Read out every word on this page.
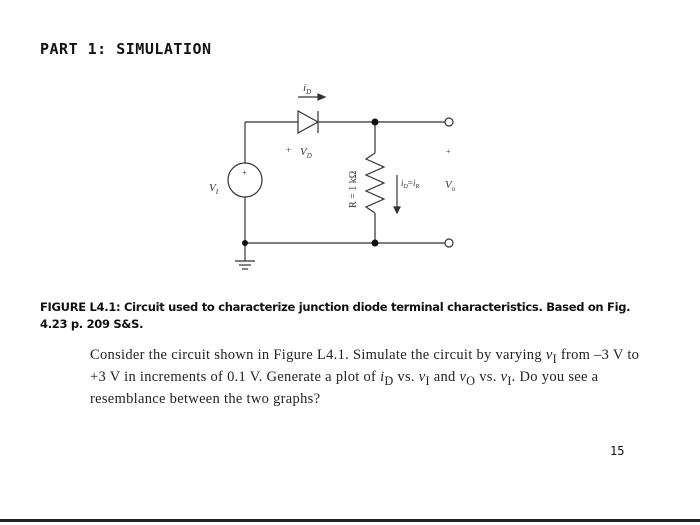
PART 1: SIMULATION
$i_D$
+ $V_D$
+
$V_I$	R = 1 kΩ	$i_D=i_R$
+
$V_o$
FIGURE L4.1: Circuit used to characterize junction diode terminal characteristics. Based on Fig. 4.23 p. 209 S&S.
Consider the circuit shown in Figure L4.1. Simulate the circuit by varying $v_I$ from –3 V to +3 V in increments of 0.1 V. Generate a plot of $i_D$ vs. $v_I$ and $v_O$ vs. $v_I$. Do you see a resemblance between the two graphs?
15
